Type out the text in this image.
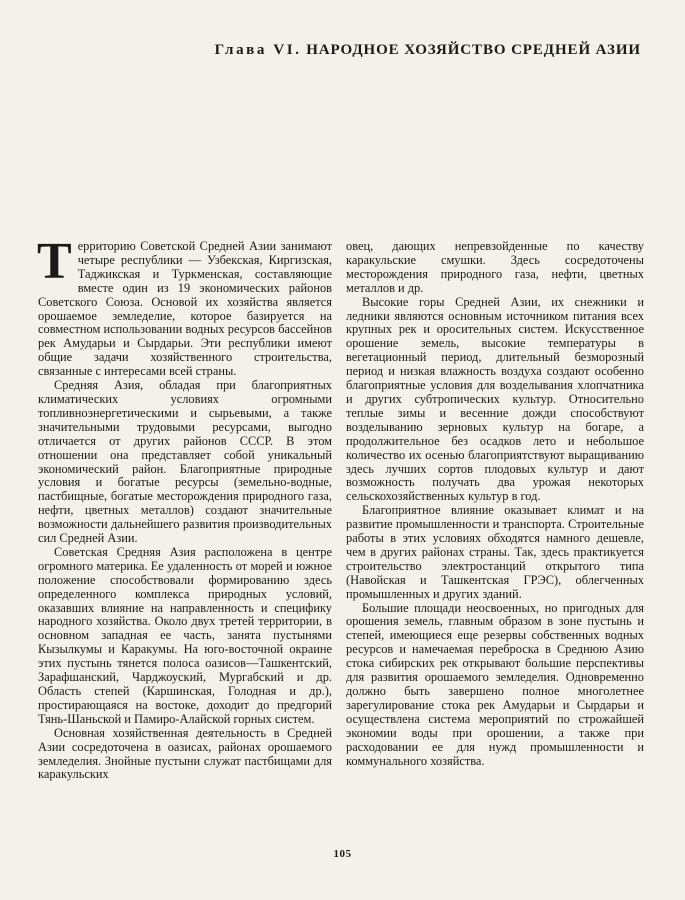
Глава VI. НАРОДНОЕ ХОЗЯЙСТВО СРЕДНЕЙ АЗИИ

Территорию Советской Средней Азии занимают четыре республики — Узбекская, Киргизская, Таджикская и Туркменская, составляющие вместе один из 19 экономических районов Советского Союза. Основой их хозяйства является орошаемое земледелие, которое базируется на совместном использовании водных ресурсов бассейнов рек Амударьи и Сырдарьи. Эти республики имеют общие задачи хозяйственного строительства, связанные с интересами всей страны.

Средняя Азия, обладая при благоприятных климатических условиях огромными топливноэнергетическими и сырьевыми, а также значительными трудовыми ресурсами, выгодно отличается от других районов СССР. В этом отношении она представляет собой уникальный экономический район. Благоприятные природные условия и богатые ресурсы (земельно-водные, пастбищные, богатые месторождения природного газа, нефти, цветных металлов) создают значительные возможности дальнейшего развития производительных сил Средней Азии.

Советская Средняя Азия расположена в центре огромного материка. Ее удаленность от морей и южное положение способствовали формированию здесь определенного комплекса природных условий, оказавших влияние на направленность и специфику народного хозяйства. Около двух третей территории, в основном западная ее часть, занята пустынями Кызылкумы и Каракумы. На юго-восточной окраине этих пустынь тянется полоса оазисов—Ташкентский, Зарафшанский, Чарджоуский, Мургабский и др. Область степей (Каршинская, Голодная и др.), простирающаяся на востоке, доходит до предгорий Тянь-Шаньской и Памиро-Алайской горных систем.

Основная хозяйственная деятельность в Средней Азии сосредоточена в оазисах, районах орошаемого земледелия. Знойные пустыни служат пастбищами для каракульских

овец, дающих непревзойденные по качеству каракульские смушки. Здесь сосредоточены месторождения природного газа, нефти, цветных металлов и др.

Высокие горы Средней Азии, их снежники и ледники являются основным источником питания всех крупных рек и оросительных систем. Искусственное орошение земель, высокие температуры в вегетационный период, длительный безморозный период и низкая влажность воздуха создают особенно благоприятные условия для возделывания хлопчатника и других субтропических культур. Относительно теплые зимы и весенние дожди способствуют возделыванию зерновых культур на богаре, а продолжительное без осадков лето и небольшое количество их осенью благоприятствуют выращиванию здесь лучших сортов плодовых культур и дают возможность получать два урожая некоторых сельскохозяйственных культур в год.

Благоприятное влияние оказывает климат и на развитие промышленности и транспорта. Строительные работы в этих условиях обходятся намного дешевле, чем в других районах страны. Так, здесь практикуется строительство электростанций открытого типа (Навойская и Ташкентская ГРЭС), облегченных промышленных и других зданий.

Большие площади неосвоенных, но пригодных для орошения земель, главным образом в зоне пустынь и степей, имеющиеся еще резервы собственных водных ресурсов и намечаемая переброска в Среднюю Азию стока сибирских рек открывают большие перспективы для развития орошаемого земледелия. Одновременно должно быть завершено полное многолетнее зарегулирование стока рек Амударьи и Сырдарьи и осуществлена система мероприятий по строжайшей экономии воды при орошении, а также при расходовании ее для нужд промышленности и коммунального хозяйства.

105
